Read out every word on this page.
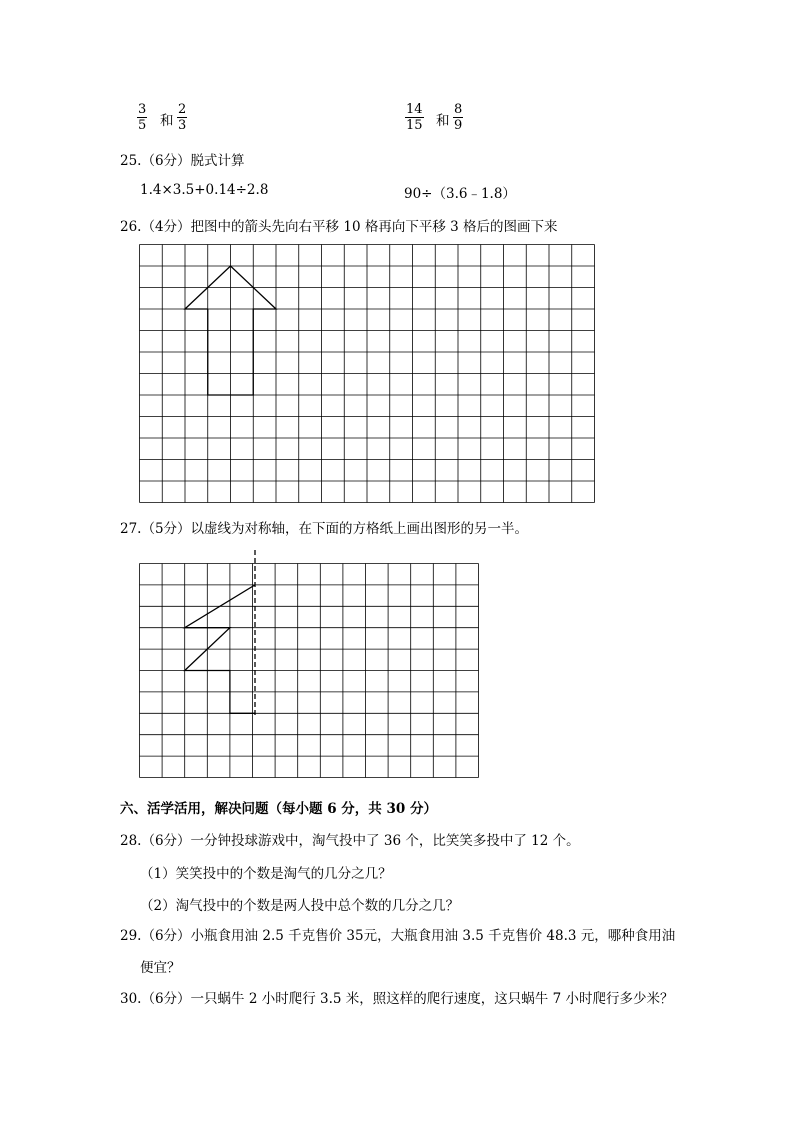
$\frac{3}{5}$ 和 $\frac{2}{3}$	$\frac{14}{15}$ 和 $\frac{8}{9}$
25.（6分）脱式计算
1.4×3.5+0.14÷2.8	90÷（3.6﹣1.8）
26.（4分）把图中的箭头先向右平移 10 格再向下平移 3 格后的图画下来
27.（5分）以虚线为对称轴，在下面的方格纸上画出图形的另一半。
六、活学活用，解决问题（每小题 6 分，共 30 分）
28.（6分）一分钟投球游戏中，淘气投中了 36 个，比笑笑多投中了 12 个。
（1）笑笑投中的个数是淘气的几分之几？
（2）淘气投中的个数是两人投中总个数的几分之几？
29.（6分）小瓶食用油 2.5 千克售价 35元，大瓶食用油 3.5 千克售价 48.3 元，哪种食用油
便宜？
30.（6分）一只蜗牛 2 小时爬行 3.5 米，照这样的爬行速度，这只蜗牛 7 小时爬行多少米？
